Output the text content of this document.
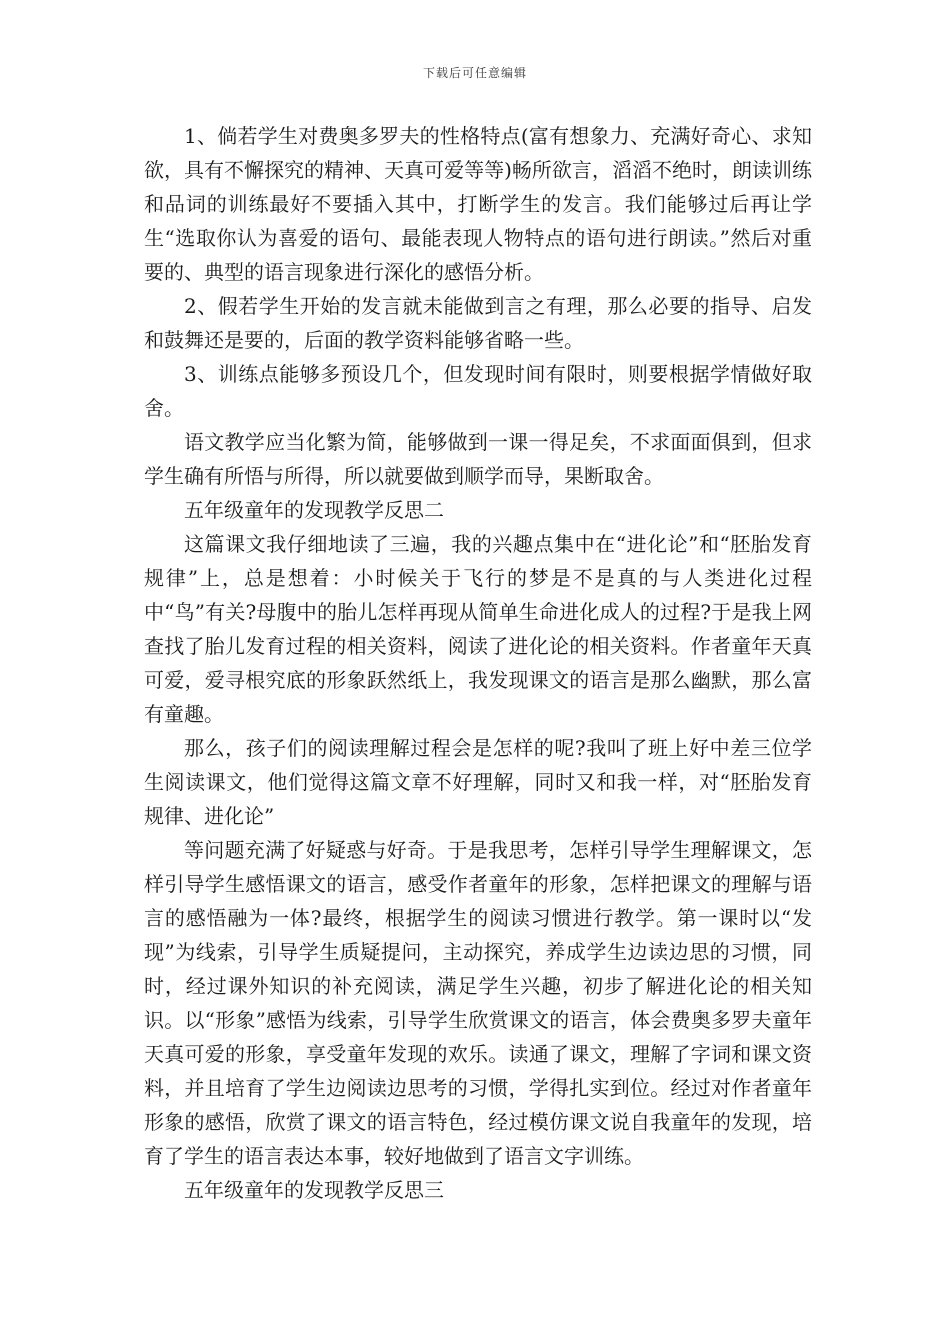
下载后可任意编辑

1、倘若学生对费奥多罗夫的性格特点(富有想象力、充满好奇心、求知欲，具有不懈探究的精神、天真可爱等等)畅所欲言，滔滔不绝时，朗读训练和品词的训练最好不要插入其中，打断学生的发言。我们能够过后再让学生“选取你认为喜爱的语句、最能表现人物特点的语句进行朗读。”然后对重要的、典型的语言现象进行深化的感悟分析。

2、假若学生开始的发言就未能做到言之有理，那么必要的指导、启发和鼓舞还是要的，后面的教学资料能够省略一些。

3、训练点能够多预设几个，但发现时间有限时，则要根据学情做好取舍。

语文教学应当化繁为简，能够做到一课一得足矣，不求面面俱到，但求学生确有所悟与所得，所以就要做到顺学而导，果断取舍。

五年级童年的发现教学反思二

这篇课文我仔细地读了三遍，我的兴趣点集中在“进化论”和“胚胎发育规律”上，总是想着：小时候关于飞行的梦是不是真的与人类进化过程中“鸟”有关?母腹中的胎儿怎样再现从简单生命进化成人的过程?于是我上网查找了胎儿发育过程的相关资料，阅读了进化论的相关资料。作者童年天真可爱，爱寻根究底的形象跃然纸上，我发现课文的语言是那么幽默，那么富有童趣。

那么，孩子们的阅读理解过程会是怎样的呢?我叫了班上好中差三位学生阅读课文，他们觉得这篇文章不好理解，同时又和我一样，对“胚胎发育规律、进化论”

等问题充满了好疑惑与好奇。于是我思考，怎样引导学生理解课文，怎样引导学生感悟课文的语言，感受作者童年的形象，怎样把课文的理解与语言的感悟融为一体?最终，根据学生的阅读习惯进行教学。第一课时以“发现”为线索，引导学生质疑提问，主动探究，养成学生边读边思的习惯，同时，经过课外知识的补充阅读，满足学生兴趣，初步了解进化论的相关知识。以“形象”感悟为线索，引导学生欣赏课文的语言，体会费奥多罗夫童年天真可爱的形象，享受童年发现的欢乐。读通了课文，理解了字词和课文资料，并且培育了学生边阅读边思考的习惯，学得扎实到位。经过对作者童年形象的感悟，欣赏了课文的语言特色，经过模仿课文说自我童年的发现，培育了学生的语言表达本事，较好地做到了语言文字训练。

五年级童年的发现教学反思三
